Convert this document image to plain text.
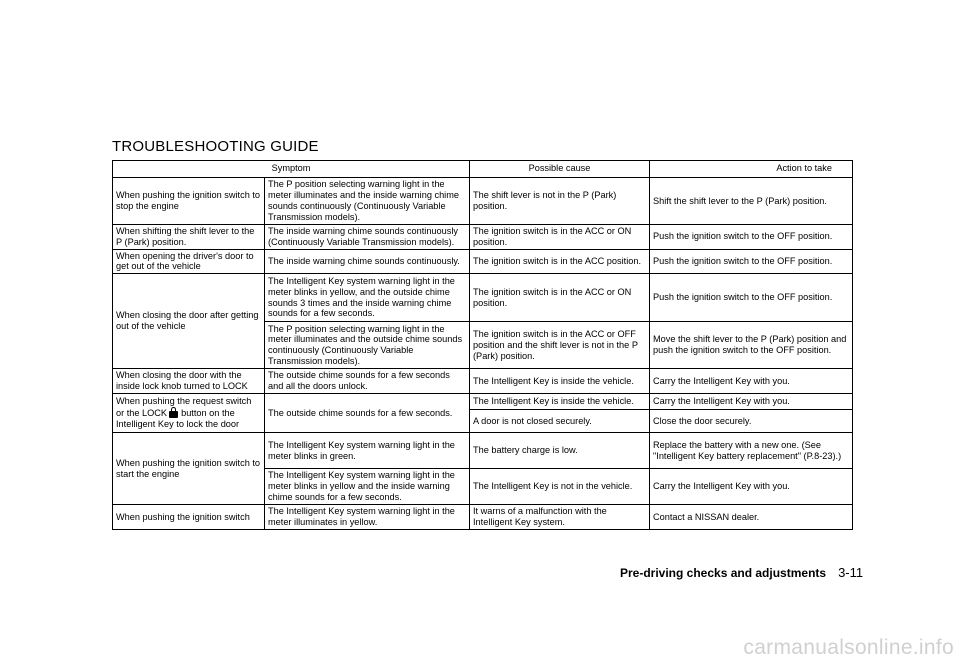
TROUBLESHOOTING GUIDE
Symptom		Possible cause	Action to take
When pushing the ignition switch to stop the engine	The P position selecting warning light in the meter illuminates and the inside warning chime sounds continuously (Continuously Variable Transmission models).	The shift lever is not in the P (Park) position.	Shift the shift lever to the P (Park) position.
When shifting the shift lever to the P (Park) position.	The inside warning chime sounds continuously (Continuously Variable Transmission models).	The ignition switch is in the ACC or ON position.	Push the ignition switch to the OFF position.
When opening the driver's door to get out of the vehicle	The inside warning chime sounds continuously.	The ignition switch is in the ACC position.	Push the ignition switch to the OFF position.
When closing the door after getting out of the vehicle	The Intelligent Key system warning light in the meter blinks in yellow, and the outside chime sounds 3 times and the inside warning chime sounds for a few seconds.	The ignition switch is in the ACC or ON position.	Push the ignition switch to the OFF position.
	The P position selecting warning light in the meter illuminates and the outside chime sounds continuously (Continuously Variable Transmission models).	The ignition switch is in the ACC or OFF position and the shift lever is not in the P (Park) position.	Move the shift lever to the P (Park) position and push the ignition switch to the OFF position.
When closing the door with the inside lock knob turned to LOCK	The outside chime sounds for a few seconds and all the doors unlock.	The Intelligent Key is inside the vehicle.	Carry the Intelligent Key with you.
When pushing the request switch or the LOCK button on the Intelligent Key to lock the door	The outside chime sounds for a few seconds.	The Intelligent Key is inside the vehicle.	Carry the Intelligent Key with you.
		A door is not closed securely.	Close the door securely.
When pushing the ignition switch to start the engine	The Intelligent Key system warning light in the meter blinks in green.	The battery charge is low.	Replace the battery with a new one. (See "Intelligent Key battery replacement" (P.8-23).)
	The Intelligent Key system warning light in the meter blinks in yellow and the inside warning chime sounds for a few seconds.	The Intelligent Key is not in the vehicle.	Carry the Intelligent Key with you.
When pushing the ignition switch	The Intelligent Key system warning light in the meter illuminates in yellow.	It warns of a malfunction with the Intelligent Key system.	Contact a NISSAN dealer.
Pre-driving checks and adjustments 3-11
carmanualsonline.info
